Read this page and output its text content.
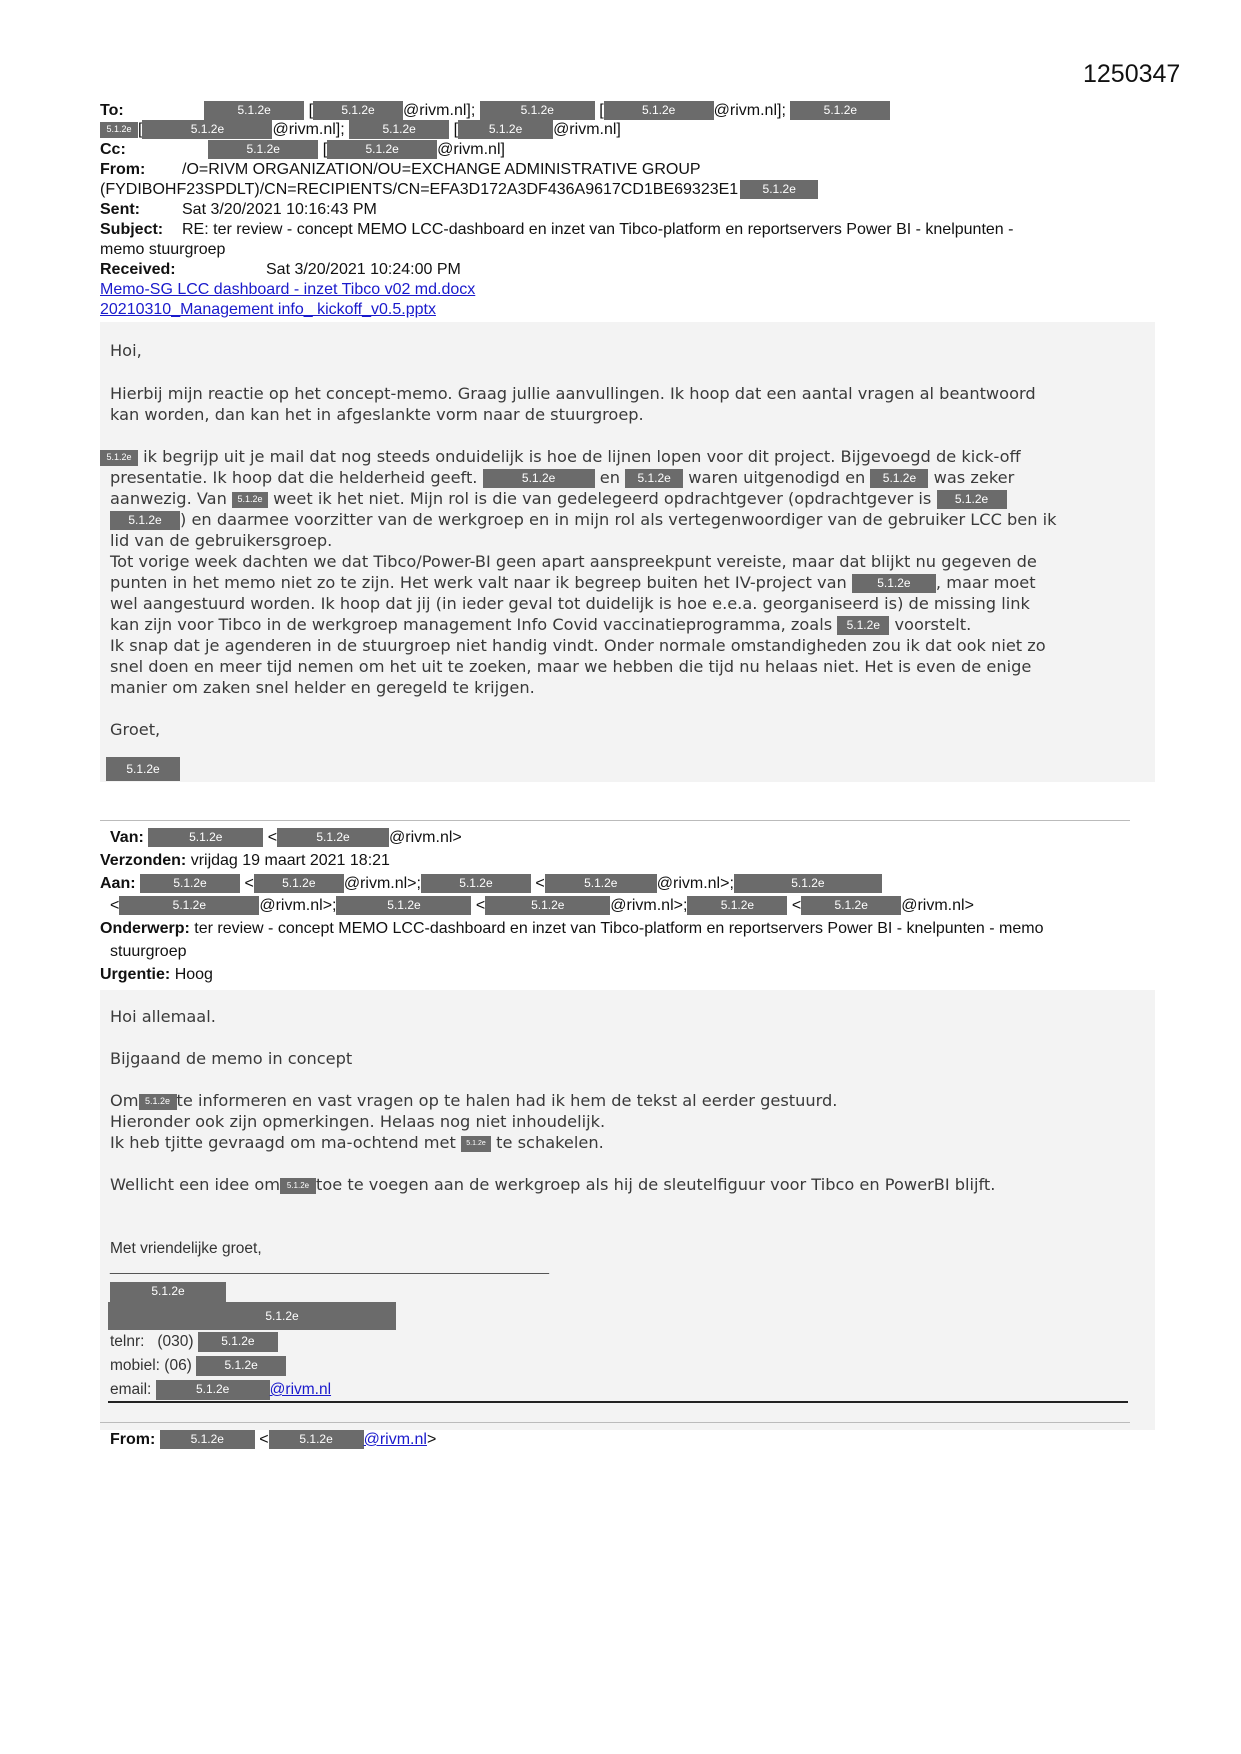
1250347
To:	5.1.2e [ 5.1.2e @rivm.nl];	5.1.2e	[	5.1.2e @rivm.nl];	5.1.2e
5.1.2e [	5.1.2e	@rivm.nl];	5.1.2e [	5.1.2e @rivm.nl]
Cc:	5.1.2e	[	5.1.2e @rivm.nl]
From: /O=RIVM ORGANIZATION/OU=EXCHANGE ADMINISTRATIVE GROUP
(FYDIBOHF23SPDLT)/CN=RECIPIENTS/CN=EFA3D172A3DF436A9617CD1BE69323E1 5.1.2e
Sent:	Sat 3/20/2021 10:16:43 PM
Subject: RE: ter review - concept MEMO LCC-dashboard en inzet van Tibco-platform en reportservers Power BI - knelpunten -
memo stuurgroep
Received:	Sat 3/20/2021 10:24:00 PM
Memo-SG LCC dashboard - inzet Tibco v02 md.docx
20210310_Management info_ kickoff_v0.5.pptx
Hoi,
Hierbij mijn reactie op het concept-memo. Graag jullie aanvullingen. Ik hoop dat een aantal vragen al beantwoord
kan worden, dan kan het in afgeslankte vorm naar de stuurgroep.
5.1.2e ik begrijp uit je mail dat nog steeds onduidelijk is hoe de lijnen lopen voor dit project. Bijgevoegd de kick-off
presentatie. Ik hoop dat die helderheid geeft.	5.1.2e	en 5.1.2e waren uitgenodigd en 5.1.2e was zeker
aanwezig. Van 5.1.2e weet ik het niet. Mijn rol is die van gedelegeerd opdrachtgever (opdrachtgever is 5.1.2e
5.1.2e ) en daarmee voorzitter van de werkgroep en in mijn rol als vertegenwoordiger van de gebruiker LCC ben ik
lid van de gebruikersgroep.
Tot vorige week dachten we dat Tibco/Power-BI geen apart aanspreekpunt vereiste, maar dat blijkt nu gegeven de
punten in het memo niet zo te zijn. Het werk valt naar ik begreep buiten het IV-project van	5.1.2e , maar moet
wel aangestuurd worden. Ik hoop dat jij (in ieder geval tot duidelijk is hoe e.e.a. georganiseerd is) de missing link
kan zijn voor Tibco in de werkgroep management Info Covid vaccinatieprogramma, zoals 5.1.2e voorstelt.
Ik snap dat je agenderen in de stuurgroep niet handig vindt. Onder normale omstandigheden zou ik dat ook niet zo
snel doen en meer tijd nemen om het uit te zoeken, maar we hebben die tijd nu helaas niet. Het is even de enige
manier om zaken snel helder en geregeld te krijgen.
Groet,
5.1.2e
Van:	5.1.2e	<	5.1.2e @rivm.nl>
Verzonden: vrijdag 19 maart 2021 18:21
Aan:	5.1.2e < 5.1.2e @rivm.nl>;	5.1.2e <	5.1.2e @rivm.nl>;	5.1.2e
<	5.1.2e	@rivm.nl>;	5.1.2e	<	5.1.2e	@rivm.nl>;	5.1.2e <	5.1.2e @rivm.nl>
Onderwerp: ter review - concept MEMO LCC-dashboard en inzet van Tibco-platform en reportservers Power BI - knelpunten - memo
stuurgroep
Urgentie: Hoog
Hoi allemaal.
Bijgaand de memo in concept
Om 5.1.2e te informeren en vast vragen op te halen had ik hem de tekst al eerder gestuurd.
Hieronder ook zijn opmerkingen. Helaas nog niet inhoudelijk.
Ik heb tjitte gevraagd om ma-ochtend met 5.1.2e te schakelen.
Wellicht een idee om 5.1.2e toe te voegen aan de werkgroep als hij de sleutelfiguur voor Tibco en PowerBI blijft.
Met vriendelijke groet,
______________________________________________________
5.1.2e
5.1.2e
telnr: (030) 5.1.2e
mobiel: (06)	5.1.2e
email:	5.1.2e	@rivm.nl
From:	5.1.2e <	5.1.2e @rivm.nl>
